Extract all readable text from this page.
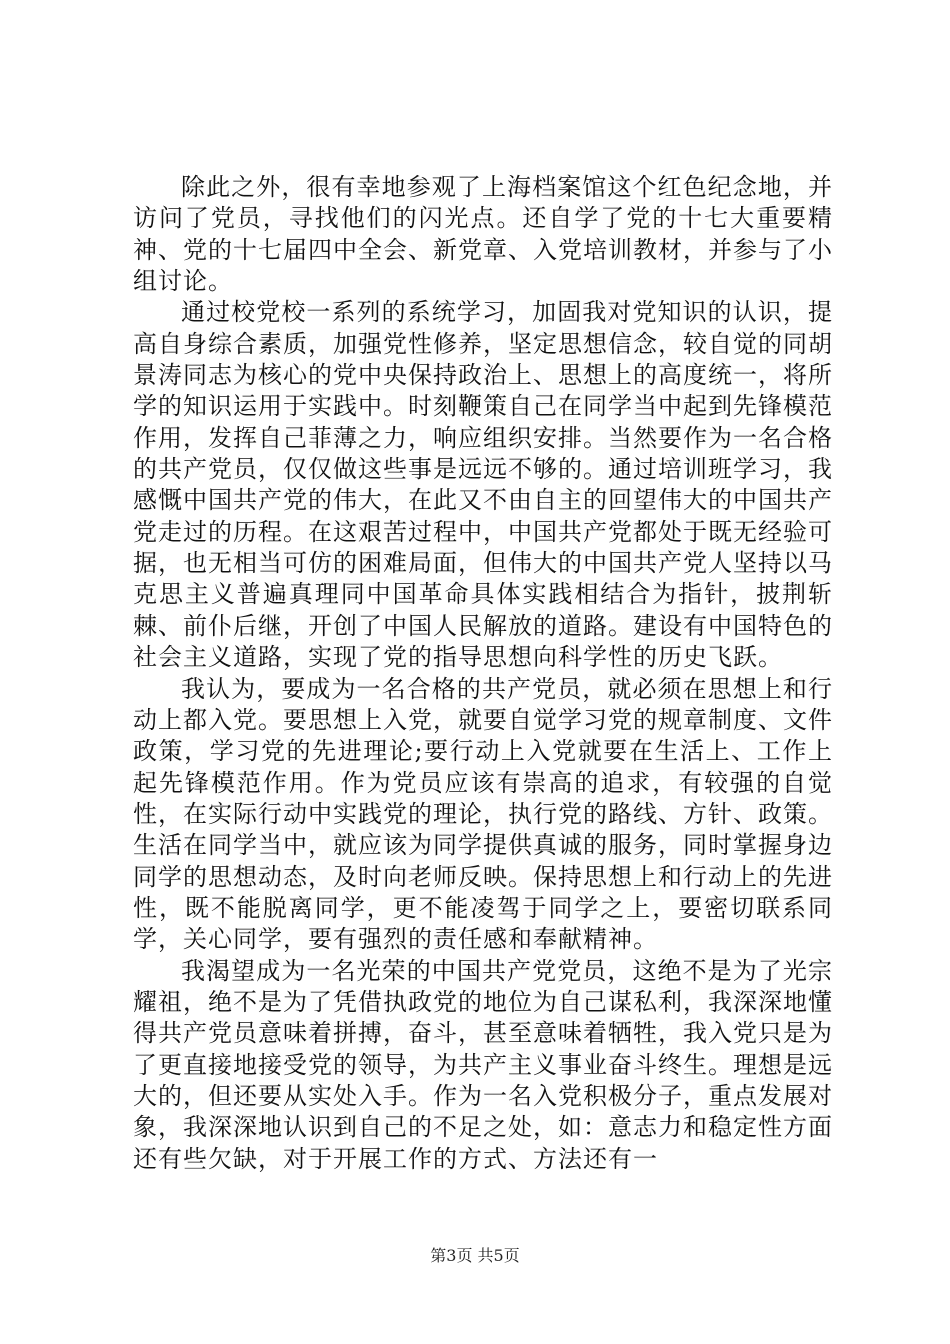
除此之外，很有幸地参观了上海档案馆这个红色纪念地，并访问了党员，寻找他们的闪光点。还自学了党的十七大重要精神、党的十七届四中全会、新党章、入党培训教材，并参与了小组讨论。

通过校党校一系列的系统学习，加固我对党知识的认识，提高自身综合素质，加强党性修养，坚定思想信念，较自觉的同胡景涛同志为核心的党中央保持政治上、思想上的高度统一，将所学的知识运用于实践中。时刻鞭策自己在同学当中起到先锋模范作用，发挥自己菲薄之力，响应组织安排。当然要作为一名合格的共产党员，仅仅做这些事是远远不够的。通过培训班学习，我感慨中国共产党的伟大，在此又不由自主的回望伟大的中国共产党走过的历程。在这艰苦过程中，中国共产党都处于既无经验可据，也无相当可仿的困难局面，但伟大的中国共产党人坚持以马克思主义普遍真理同中国革命具体实践相结合为指针，披荆斩棘、前仆后继，开创了中国人民解放的道路。建设有中国特色的社会主义道路，实现了党的指导思想向科学性的历史飞跃。

我认为，要成为一名合格的共产党员，就必须在思想上和行动上都入党。要思想上入党，就要自觉学习党的规章制度、文件政策，学习党的先进理论;要行动上入党就要在生活上、工作上起先锋模范作用。作为党员应该有崇高的追求，有较强的自觉性，在实际行动中实践党的理论，执行党的路线、方针、政策。生活在同学当中，就应该为同学提供真诚的服务，同时掌握身边同学的思想动态，及时向老师反映。保持思想上和行动上的先进性，既不能脱离同学，更不能凌驾于同学之上，要密切联系同学，关心同学，要有强烈的责任感和奉献精神。

我渴望成为一名光荣的中国共产党党员，这绝不是为了光宗耀祖，绝不是为了凭借执政党的地位为自己谋私利，我深深地懂得共产党员意味着拼搏，奋斗，甚至意味着牺牲，我入党只是为了更直接地接受党的领导，为共产主义事业奋斗终生。理想是远大的，但还要从实处入手。作为一名入党积极分子，重点发展对象，我深深地认识到自己的不足之处，如：意志力和稳定性方面还有些欠缺，对于开展工作的方式、方法还有一

第3页 共5页
